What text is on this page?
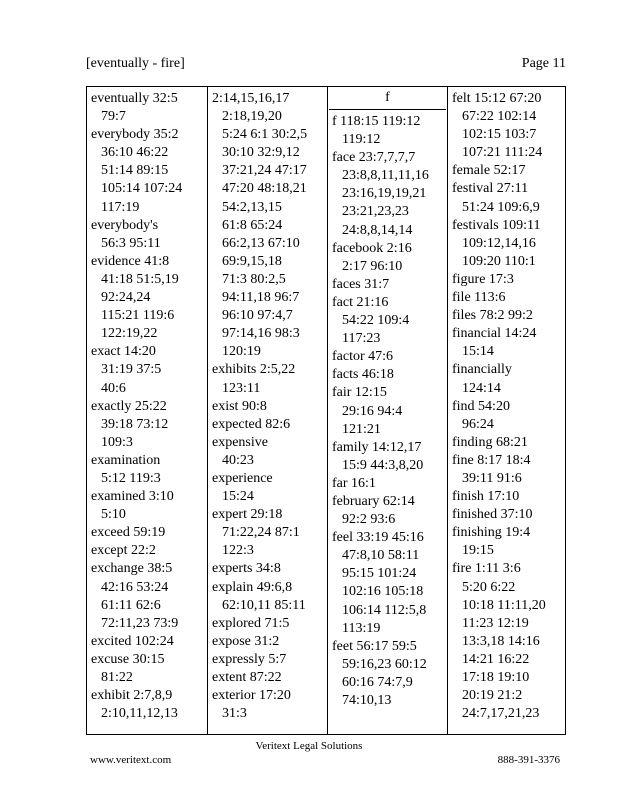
[eventually - fire]	Page 11
eventually 32:5
79:7
everybody 35:2
36:10 46:22
51:14 89:15
105:14 107:24
117:19
everybody's
56:3 95:11
evidence 41:8
41:18 51:5,19
92:24,24
115:21 119:6
122:19,22
exact 14:20
31:19 37:5
40:6
exactly 25:22
39:18 73:12
109:3
examination
5:12 119:3
examined 3:10
5:10
exceed 59:19
except 22:2
exchange 38:5
42:16 53:24
61:11 62:6
72:11,23 73:9
excited 102:24
excuse 30:15
81:22
exhibit 2:7,8,9
2:10,11,12,13
2:14,15,16,17
2:18,19,20
5:24 6:1 30:2,5
30:10 32:9,12
37:21,24 47:17
47:20 48:18,21
54:2,13,15
61:8 65:24
66:2,13 67:10
69:9,15,18
71:3 80:2,5
94:11,18 96:7
96:10 97:4,7
97:14,16 98:3
120:19
exhibits 2:5,22
123:11
exist 90:8
expected 82:6
expensive
40:23
experience
15:24
expert 29:18
71:22,24 87:1
122:3
experts 34:8
explain 49:6,8
62:10,11 85:11
explored 71:5
expose 31:2
expressly 5:7
extent 87:22
exterior 17:20
31:3
f
f 118:15 119:12
119:12
face 23:7,7,7,7
23:8,8,11,11,16
23:16,19,19,21
23:21,23,23
24:8,8,14,14
facebook 2:16
2:17 96:10
faces 31:7
fact 21:16
54:22 109:4
117:23
factor 47:6
facts 46:18
fair 12:15
29:16 94:4
121:21
family 14:12,17
15:9 44:3,8,20
far 16:1
february 62:14
92:2 93:6
feel 33:19 45:16
47:8,10 58:11
95:15 101:24
102:16 105:18
106:14 112:5,8
113:19
feet 56:17 59:5
59:16,23 60:12
60:16 74:7,9
74:10,13
felt 15:12 67:20
67:22 102:14
102:15 103:7
107:21 111:24
female 52:17
festival 27:11
51:24 109:6,9
festivals 109:11
109:12,14,16
109:20 110:1
figure 17:3
file 113:6
files 78:2 99:2
financial 14:24
15:14
financially
124:14
find 54:20
96:24
finding 68:21
fine 8:17 18:4
39:11 91:6
finish 17:10
finished 37:10
finishing 19:4
19:15
fire 1:11 3:6
5:20 6:22
10:18 11:11,20
11:23 12:19
13:3,18 14:16
14:21 16:22
17:18 19:10
20:19 21:2
24:7,17,21,23
Veritext Legal Solutions
www.veritext.com	888-391-3376
